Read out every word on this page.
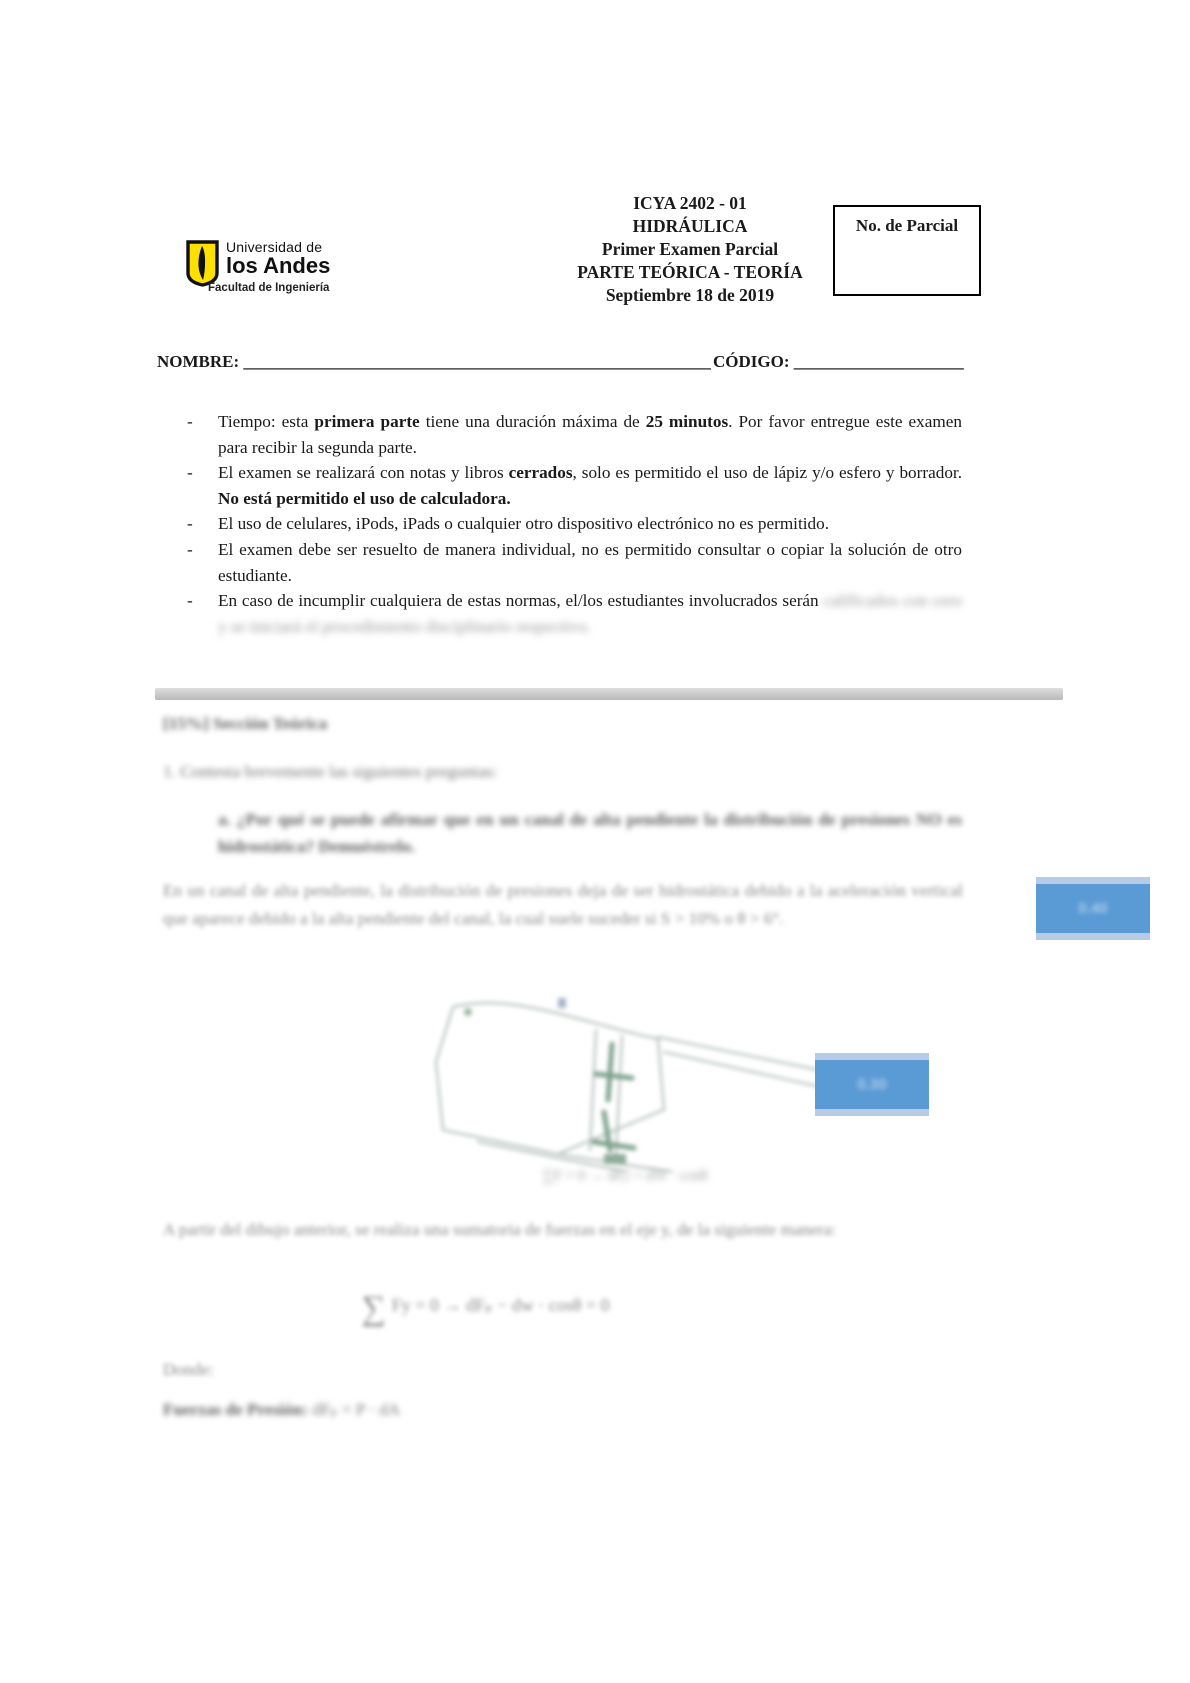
Universidad de
los Andes
Facultad de Ingeniería
ICYA 2402 - 01
HIDRÁULICA
Primer Examen Parcial
PARTE TEÓRICA - TEORÍA
Septiembre 18 de 2019
No. de Parcial
NOMBRE: _______________________________________________________ CÓDIGO: ____________________
- Tiempo: esta primera parte tiene una duración máxima de 25 minutos. Por favor entregue este examen para recibir la segunda parte.
- El examen se realizará con notas y libros cerrados, solo es permitido el uso de lápiz y/o esfero y borrador. No está permitido el uso de calculadora.
- El uso de celulares, iPods, iPads o cualquier otro dispositivo electrónico no es permitido.
- El examen debe ser resuelto de manera individual, no es permitido consultar o copiar la solución de otro estudiante.
- En caso de incumplir cualquiera de estas normas, el/los estudiantes involucrados serán calificados con cero y se iniciará el procedimiento disciplinario respectivo.
[15%] Sección Teórica
1. Contesta brevemente las siguientes preguntas:
a. ¿Por qué se puede afirmar que en un canal de alta pendiente la distribución de presiones NO es hidrostática? Demuéstrelo.
En un canal de alta pendiente, la distribución de presiones deja de ser hidrostática debido a la aceleración vertical que aparece debido a la alta pendiente del canal, la cual suele suceder si S > 10% o θ > 6°.	0.40
∑F = 0 → dFₚ = dW · cosθ
0.30
A partir del dibujo anterior, se realiza una sumatoria de fuerzas en el eje y, de la siguiente manera:
∑ Fy = 0 → dFₚ − dw · cosθ = 0
Donde:
Fuerzas de Presión: dFₚ = P · dA
